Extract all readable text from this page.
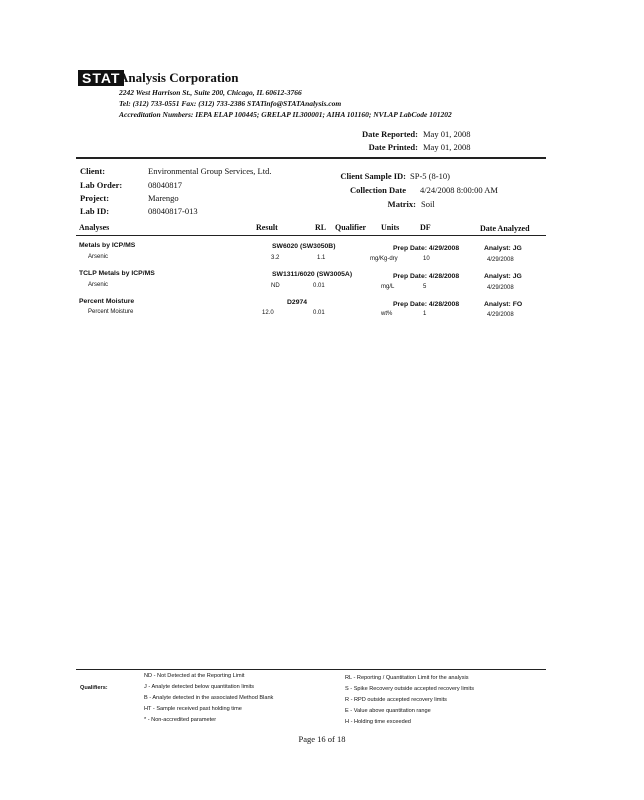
STAT
Analysis Corporation
2242 West Harrison St., Suite 200, Chicago, IL 60612-3766
Tel: (312) 733-0551 Fax: (312) 733-2386 STATinfo@STATAnalysis.com
Accreditation Numbers: IEPA ELAP 100445; GRELAP IL300001; AIHA 101160; NVLAP LabCode 101202
Date Reported: May 01, 2008
Date Printed: May 01, 2008
Client:	Environmental Group Services, Ltd.
Lab Order:	08040817
Project:	Marengo
Lab ID:	08040817-013
Client Sample ID: SP-5 (8-10)
Collection Date 4/24/2008 8:00:00 AM
Matrix: Soil
Analyses	Result	RL Qualifier Units	DF	Date Analyzed
Metals by ICP/MS	SW6020 (SW3050B)	Prep Date: 4/29/2008	Analyst: JG
Arsenic	3.2	1.1	mg/Kg-dry	10	4/29/2008
TCLP Metals by ICP/MS	SW1311/6020 (SW3005A)	Prep Date: 4/28/2008	Analyst: JG
Arsenic	ND	0.01	mg/L	5	4/29/2008
Percent Moisture	D2974	Prep Date: 4/28/2008	Analyst: FO
Percent Moisture	12.0	0.01	wt%	1	4/29/2008
Qualifiers:
ND - Not Detected at the Reporting Limit
J - Analyte detected below quantitation limits
B - Analyte detected in the associated Method Blank
HT - Sample received past holding time
* - Non-accredited parameter
RL - Reporting / Quantitation Limit for the analysis
S - Spike Recovery outside accepted recovery limits
R - RPD outside accepted recovery limits
E - Value above quantitation range
H - Holding time exceeded
Page 16 of 18
